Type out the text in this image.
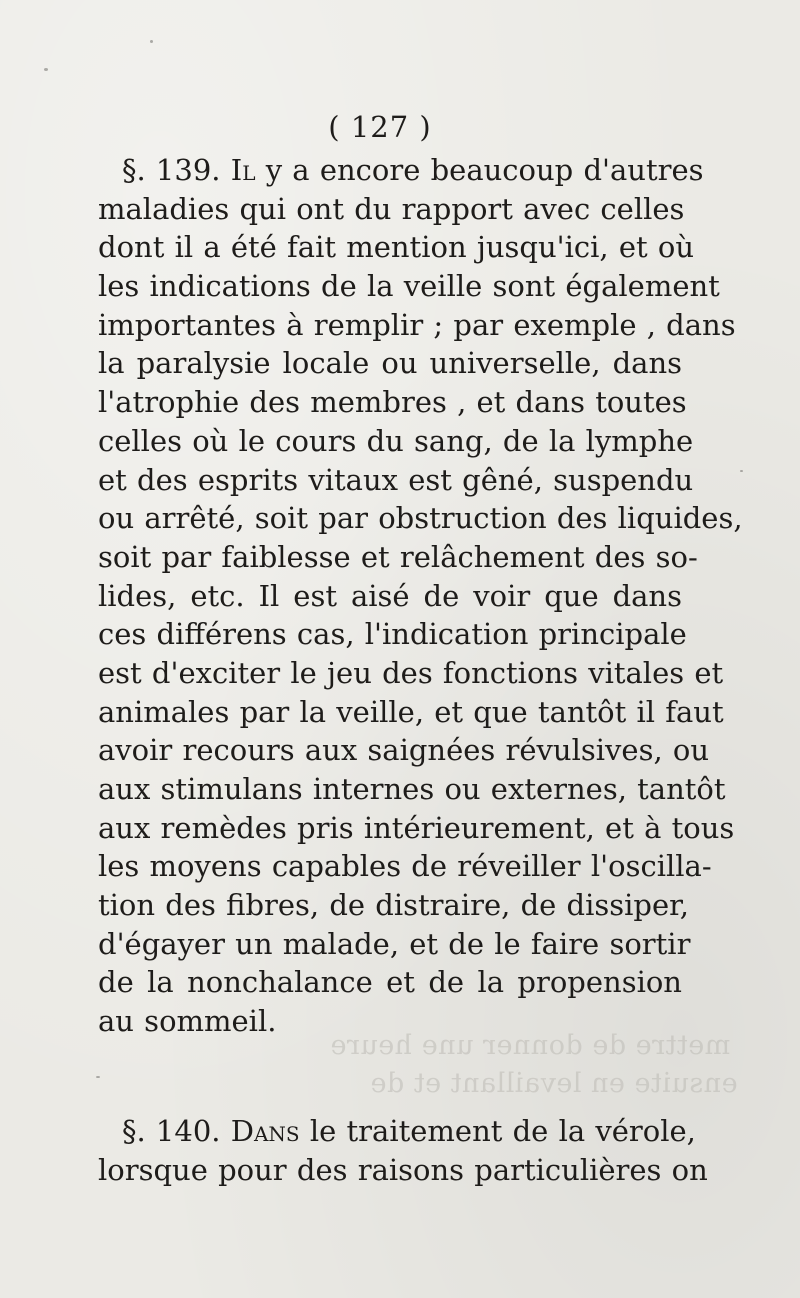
mettre de donner une heure
ensuite en levaillant et de
( 127 )
§. 139. Il y a encore beaucoup d'autres
maladies qui ont du rapport avec celles
dont il a été fait mention jusqu'ici, et où
les indications de la veille sont également
importantes à remplir ; par exemple , dans
la paralysie locale ou universelle, dans
l'atrophie des membres , et dans toutes
celles où le cours du sang, de la lymphe
et des esprits vitaux est gêné, suspendu
ou arrêté, soit par obstruction des liquides,
soit par faiblesse et relâchement des so-
lides, etc. Il est aisé de voir que dans
ces différens cas, l'indication principale
est d'exciter le jeu des fonctions vitales et
animales par la veille, et que tantôt il faut
avoir recours aux saignées révulsives, ou
aux stimulans internes ou externes, tantôt
aux remèdes pris intérieurement, et à tous
les moyens capables de réveiller l'oscilla-
tion des fibres, de distraire, de dissiper,
d'égayer un malade, et de le faire sortir
de la nonchalance et de la propension
au sommeil.
§. 140. Dans le traitement de la vérole,
lorsque pour des raisons particulières on
